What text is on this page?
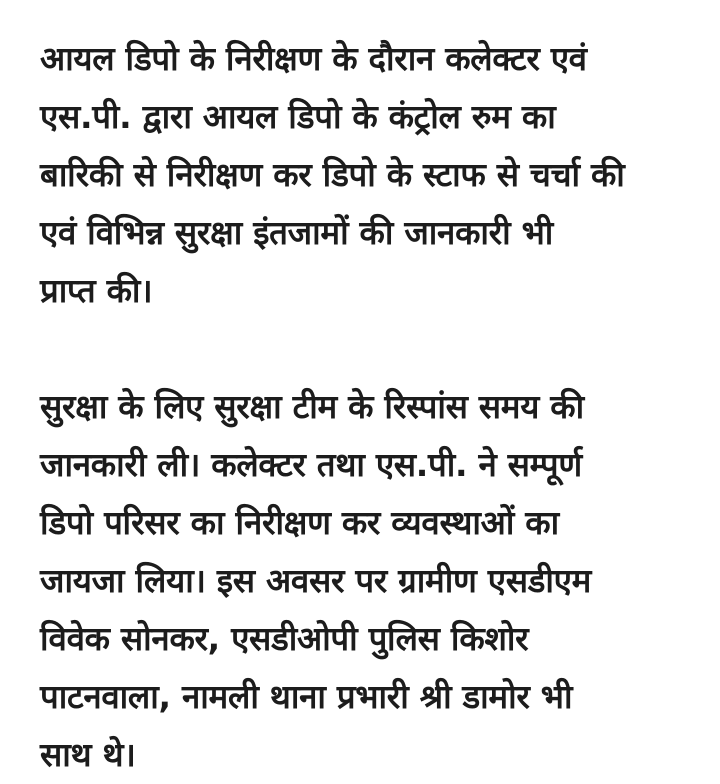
आयल डिपो के निरीक्षण के दौरान कलेक्टर एवं
एस.पी. द्वारा आयल डिपो के कंट्रोल रुम का
बारिकी से निरीक्षण कर डिपो के स्टाफ से चर्चा की
एवं विभिन्न सुरक्षा इंतजामों की जानकारी भी
प्राप्त की।

सुरक्षा के लिए सुरक्षा टीम के रिस्पांस समय की
जानकारी ली। कलेक्टर तथा एस.पी. ने सम्पूर्ण
डिपो परिसर का निरीक्षण कर व्यवस्थाओं का
जायजा लिया। इस अवसर पर ग्रामीण एसडीएम
विवेक सोनकर, एसडीओपी पुलिस किशोर
पाटनवाला, नामली थाना प्रभारी श्री डामोर भी
साथ थे।
